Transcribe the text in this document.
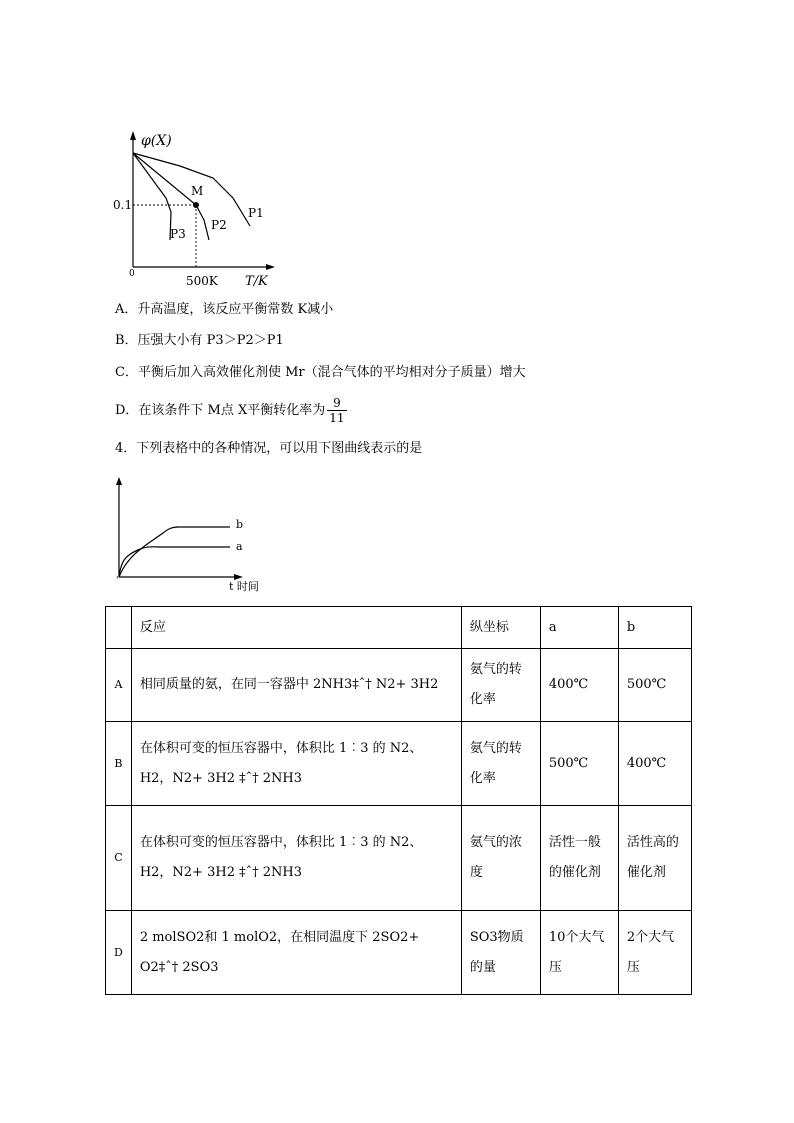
φ(X)
0.1
0	500K T/K
M
P1
P2
P3
A．升高温度，该反应平衡常数 K减小
B．压强大小有 P3＞P2＞P1
C．平衡后加入高效催化剂使 Mr（混合气体的平均相对分子质量）增大
D．在该条件下 M点 X平衡转化率为 $\frac{9}{11}$
4．下列表格中的各种情况，可以用下图曲线表示的是
b
a
'	t 时间
	反应	纵坐标	a	b
A	相同质量的氨，在同一容器中 2NH3‡ˆ† N2+ 3H2	氨气的转化率	400℃	500℃
B	在体积可变的恒压容器中，体积比 1︰3 的 N2、H2，N2+ 3H2 ‡ˆ† 2NH3	氨气的转化率	500℃	400℃
C	在体积可变的恒压容器中，体积比 1︰3 的 N2、H2，N2+ 3H2 ‡ˆ† 2NH3	氨气的浓度	活性一般的催化剂	活性高的催化剂
D	2 molSO2和 1 molO2，在相同温度下 2SO2+ O2‡ˆ† 2SO3	SO3物质的量	10个大气压	2个大气压
